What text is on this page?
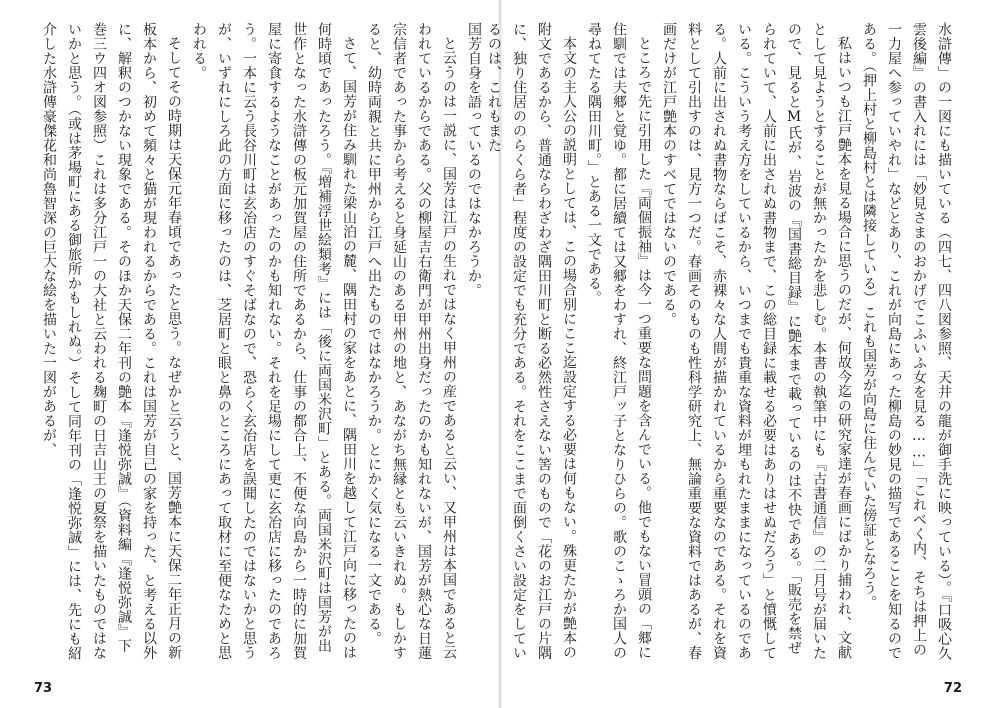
国芳自身を語っているのではなかろうか。

と云うのは一説に、国芳は江戸の生れではなく甲州の産であると云い、又甲州は本国であると云われているからである。父の柳屋吉右衛門が甲州出身だったのかも知れないが、国芳が熱心な日蓮宗信者であった事から考えると身延山のある甲州の地と、あながち無縁とも云いきれぬ。もしかすると、幼時両親と共に甲州から江戸へ出たものではなかろうか。とにかく気になる一文である。

さて、国芳が住み馴れた梁山泊の麓、隅田村の家をあとに、隅田川を越して江戸向に移ったのは何時頃であったろう。『増補浮世絵類考』には「後に両国米沢町」とある。両国米沢町は国芳が出世作となった水滸傳の板元加賀屋の住所であるから、仕事の都合上、不便な向島から一時的に加賀屋に寄食するようなことがあったのかも知れない。それを足場にして更に玄冶店に移ったのであろう。一本に云う長谷川町は玄冶店のすぐそばなので、恐らく玄冶店を誤聞したのではないかと思うが、いずれにしろ此の方面に移ったのは、芝居町と眼と鼻のところにあって取材に至便なためと思われる。

そしてその時期は天保元年春頃であったと思う。なぜかと云うと、国芳艶本に天保二年正月の新板本から、初めて頻々と猫が現われるからである。これは国芳が自己の家を持った、と考える以外に、解釈のつかない現象である。そのほか天保二年刊の艶本『逢悦弥誠』（資料編『逢悦弥誠』下巻三ウ四オ図参照）これは多分江戸一の大社と云われる麹町の日吉山王の夏祭を描いたものではないかと思う。（或は茅場町にある御旅所かもしれぬ。）そして同年刊の「逢悦弥誠」には、先にも紹介した水滸傳豪傑花和尚魯智深の巨大な絵を描いた一図があるが、

73

水滸傳」の一図にも描いている（四七、四八図参照、天井の龍が御手洗に映っている）。『口吸心久雲後編』の書入れには「妙見さまのおかげでこふいふ女を見る……」「これべく内、そちは押上の一力屋へ参っていやれ」などとあり、これが向島にあった柳島の妙見の描写であることを知るのである。（押上村と柳島村とは隣接している）これも国芳が向島に住んでいた傍証となろう。

私はいつも江戸艶本を見る場合に思うのだが、何故今迄の研究家達が春画にばかり捕われ、文献として見ようとすることが無かったかを悲しむ。本書の執筆中にも『古書通信』の二月号が届いたので、見るとM氏が、岩波の『国書総目録』に艶本まで載っているのは不快である。「販売を禁ぜられていて、人前に出されぬ書物まで、この総目録に載せる必要はありはせぬだろう」と憤慨している。こういう考え方をしているから、いつまでも貴重な資料が埋もれたままになっているのである。人前に出されぬ書物ならばこそ、赤裸々な人間が描かれているから重要なのである。それを資料として引出すのは、見方一つだ。春画そのものも性科学研究上、無論重要な資料ではあるが、春画だけが江戸艶本のすべてではないのである。

ところで先に引用した『両個振袖』は今一つ重要な問題を含んでいる。他でもない冒頭の「郷に住馴では夫郷と覚ゆ。都に居續ては又郷をわすれ、終江戸ッ子となりひらの。歌のこゝろか国人の尋ねてたる隅田川町。」とある一文である。

本文の主人公の説明としては、この場合別にここ迄設定する必要は何もない。殊更たかが艶本の附文であるから、普通ならわざわざ隅田川町と断る必然性さえない筈のもので「花のお江戸の片隅に、独り住居ののらくら者」程度の設定でも充分である。それをここまで面倒くさい設定をしているのは、これもまた

72
